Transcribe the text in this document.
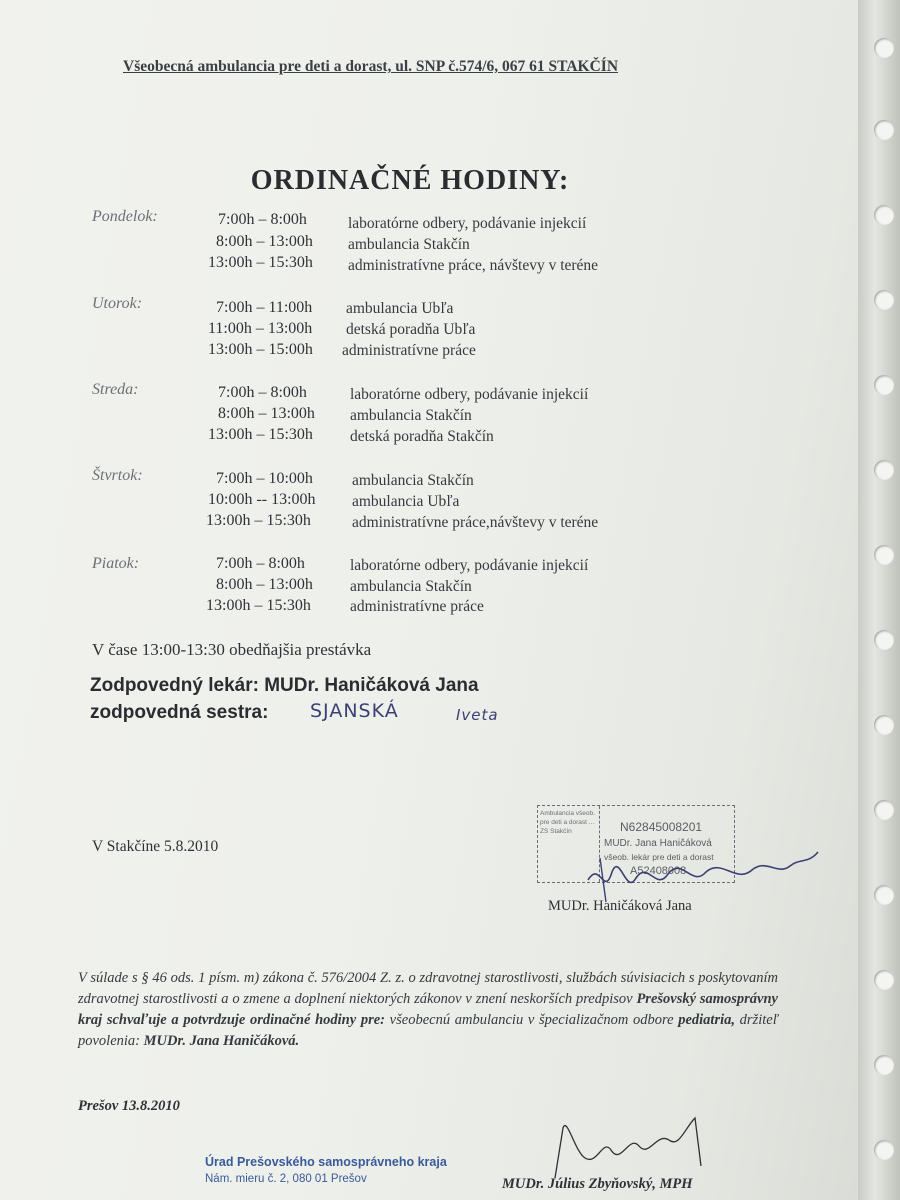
Všeobecná ambulancia pre deti a dorast, ul. SNP č.574/6, 067 61 STAKČÍN
ORDINAČNÉ HODINY:
Pondelok:	7:00h – 8:00h	laboratórne odbery, podávanie injekcií
8:00h – 13:00h ambulancia Stakčín
13:00h – 15:30h administratívne práce, návštevy v teréne
Utorok:	7:00h – 11:00h ambulancia Ubľa
11:00h – 13:00h detská poradňa Ubľa
13:00h – 15:00h administratívne práce
Streda:	7:00h – 8:00h	laboratórne odbery, podávanie injekcií
8:00h – 13:00h ambulancia Stakčín
13:00h – 15:30h detská poradňa Stakčín
Štvrtok:	7:00h – 10:00h	ambulancia Stakčín
10:00h -- 13:00h ambulancia Ubľa
13:00h – 15:30h	administratívne práce,návštevy v teréne
Piatok:	7:00h – 8:00h	laboratórne odbery, podávanie injekcií
8:00h – 13:00h ambulancia Stakčín
13:00h – 15:30h	administratívne práce
V čase 13:00-13:30 obedňajšia prestávka
Zodpovedný lekár: MUDr. Haničáková Jana
zodpovedná sestra: SJANSKÁ	Iveta
V Stakčíne 5.8.2010
Ambulancia všeob. pre deti a dorast ... ZS Stakčín	N62845008201
MUDr. Jana Haničáková
všeob. lekár pre deti a dorast
A52408008
MUDr. Haničáková Jana
V súlade s § 46 ods. 1 písm. m) zákona č. 576/2004 Z. z. o zdravotnej starostlivosti, službách súvisiacich s poskytovaním zdravotnej starostlivosti a o zmene a doplnení niektorých zákonov v znení neskorších predpisov Prešovský samosprávny kraj schvaľuje a potvrdzuje ordinačné hodiny pre: všeobecnú ambulanciu v špecializačnom odbore pediatria, držiteľ povolenia: MUDr. Jana Haničáková.
Prešov 13.8.2010
Úrad Prešovského samosprávneho kraja
Nám. mieru č. 2, 080 01 Prešov	MUDr. Július Zbyňovský, MPH
